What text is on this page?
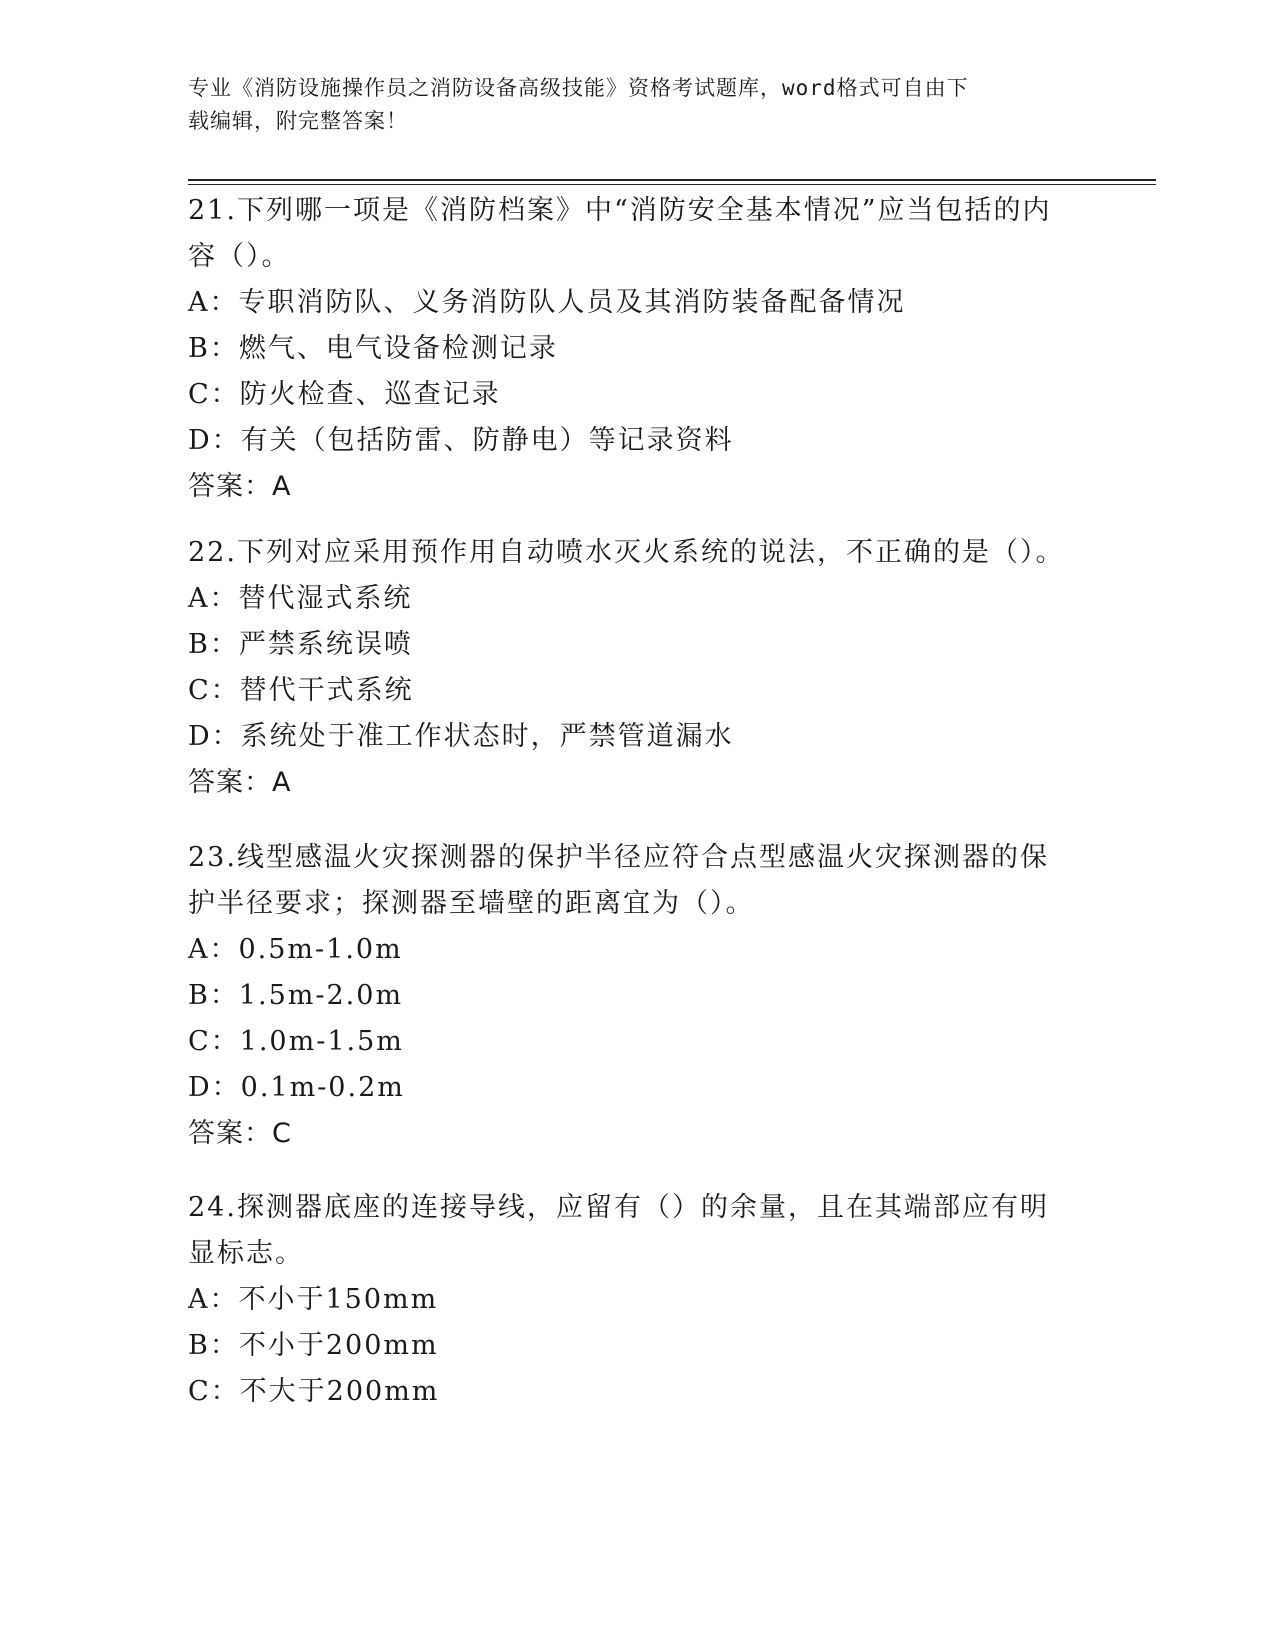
专业《消防设施操作员之消防设备高级技能》资格考试题库，word格式可自由下
载编辑，附完整答案！
21.下列哪一项是《消防档案》中“消防安全基本情况”应当包括的内容（）。
A：专职消防队、义务消防队人员及其消防装备配备情况
B：燃气、电气设备检测记录
C：防火检查、巡查记录
D：有关（包括防雷、防静电）等记录资料
答案：A
22.下列对应采用预作用自动喷水灭火系统的说法，不正确的是（）。
A：替代湿式系统
B：严禁系统误喷
C：替代干式系统
D：系统处于准工作状态时，严禁管道漏水
答案：A
23.线型感温火灾探测器的保护半径应符合点型感温火灾探测器的保护半径要求；探测器至墙壁的距离宜为（）。
A：0.5m-1.0m
B：1.5m-2.0m
C：1.0m-1.5m
D：0.1m-0.2m
答案：C
24.探测器底座的连接导线，应留有（）的余量，且在其端部应有明显标志。
A：不小于150mm
B：不小于200mm
C：不大于200mm
